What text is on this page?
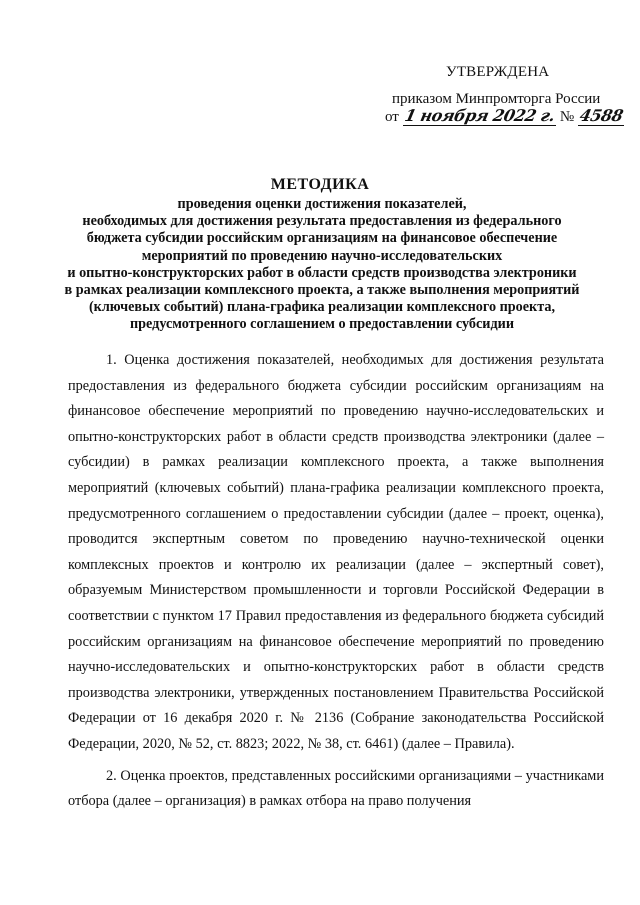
УТВЕРЖДЕНА
приказом Минпромторга России
от 1 ноября 2022 г. № 4588
МЕТОДИКА
проведения оценки достижения показателей,
необходимых для достижения результата предоставления из федерального
бюджета субсидии российским организациям на финансовое обеспечение
мероприятий по проведению научно-исследовательских
и опытно-конструкторских работ в области средств производства электроники
в рамках реализации комплексного проекта, а также выполнения мероприятий
(ключевых событий) плана-графика реализации комплексного проекта,
предусмотренного соглашением о предоставлении субсидии

1. Оценка достижения показателей, необходимых для достижения результата предоставления из федерального бюджета субсидии российским организациям на финансовое обеспечение мероприятий по проведению научно-исследовательских и опытно-конструкторских работ в области средств производства электроники (далее – субсидии) в рамках реализации комплексного проекта, а также выполнения мероприятий (ключевых событий) плана-графика реализации комплексного проекта, предусмотренного соглашением о предоставлении субсидии (далее – проект, оценка), проводится экспертным советом по проведению научно-технической оценки комплексных проектов и контролю их реализации (далее – экспертный совет), образуемым Министерством промышленности и торговли Российской Федерации в соответствии с пунктом 17 Правил предоставления из федерального бюджета субсидий российским организациям на финансовое обеспечение мероприятий по проведению научно-исследовательских и опытно-конструкторских работ в области средств производства электроники, утвержденных постановлением Правительства Российской Федерации от 16 декабря 2020 г. № 2136 (Собрание законодательства Российской Федерации, 2020, № 52, ст. 8823; 2022, № 38, ст. 6461) (далее – Правила).

2. Оценка проектов, представленных российскими организациями – участниками отбора (далее – организация) в рамках отбора на право получения
